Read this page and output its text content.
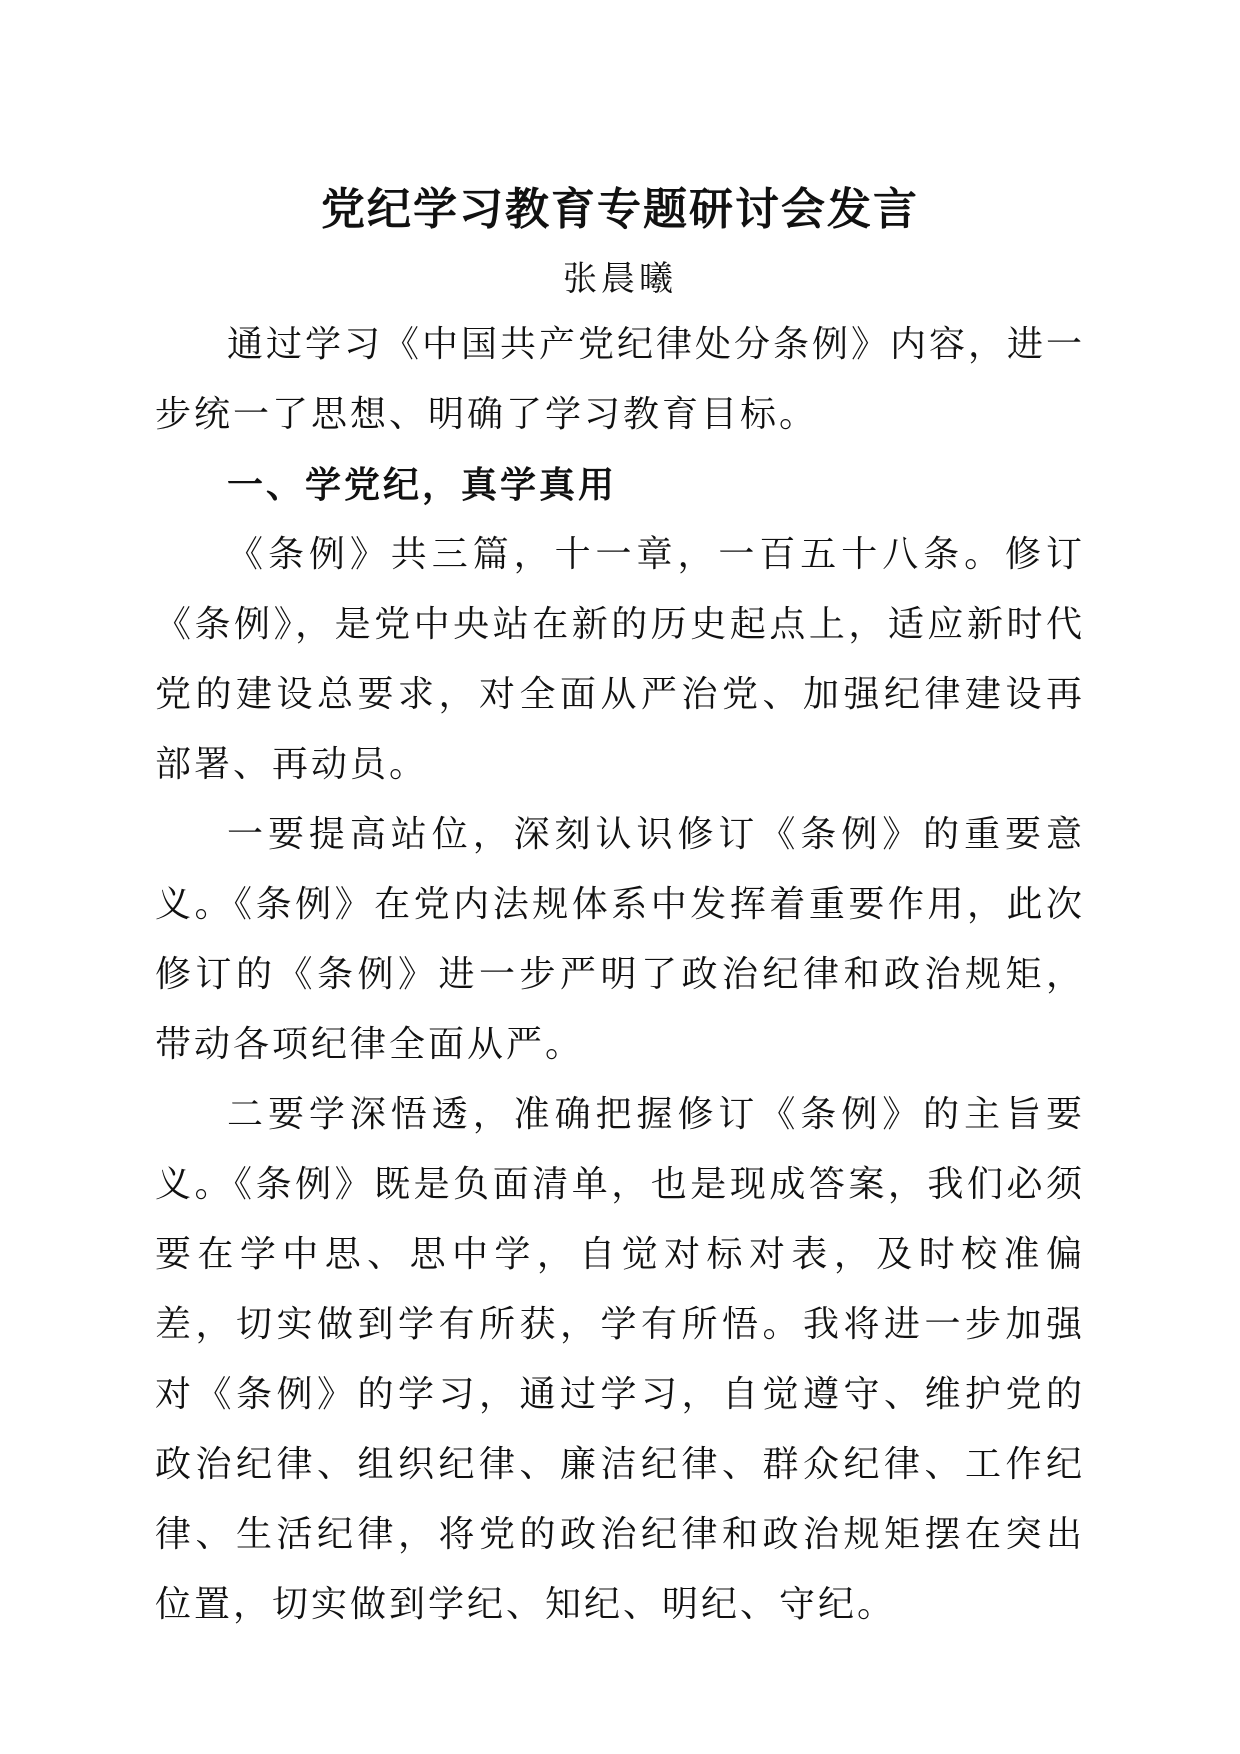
党纪学习教育专题研讨会发言

张晨曦

通过学习《中国共产党纪律处分条例》内容，进一步统一了思想、明确了学习教育目标。

一、学党纪，真学真用

《条例》共三篇，十一章，一百五十八条。修订《条例》，是党中央站在新的历史起点上，适应新时代党的建设总要求，对全面从严治党、加强纪律建设再部署、再动员。

一要提高站位，深刻认识修订《条例》的重要意义。《条例》在党内法规体系中发挥着重要作用，此次修订的《条例》进一步严明了政治纪律和政治规矩，带动各项纪律全面从严。

二要学深悟透，准确把握修订《条例》的主旨要义。《条例》既是负面清单，也是现成答案，我们必须要在学中思、思中学，自觉对标对表，及时校准偏差，切实做到学有所获，学有所悟。我将进一步加强对《条例》的学习，通过学习，自觉遵守、维护党的政治纪律、组织纪律、廉洁纪律、群众纪律、工作纪律、生活纪律，将党的政治纪律和政治规矩摆在突出位置，切实做到学纪、知纪、明纪、守纪。
